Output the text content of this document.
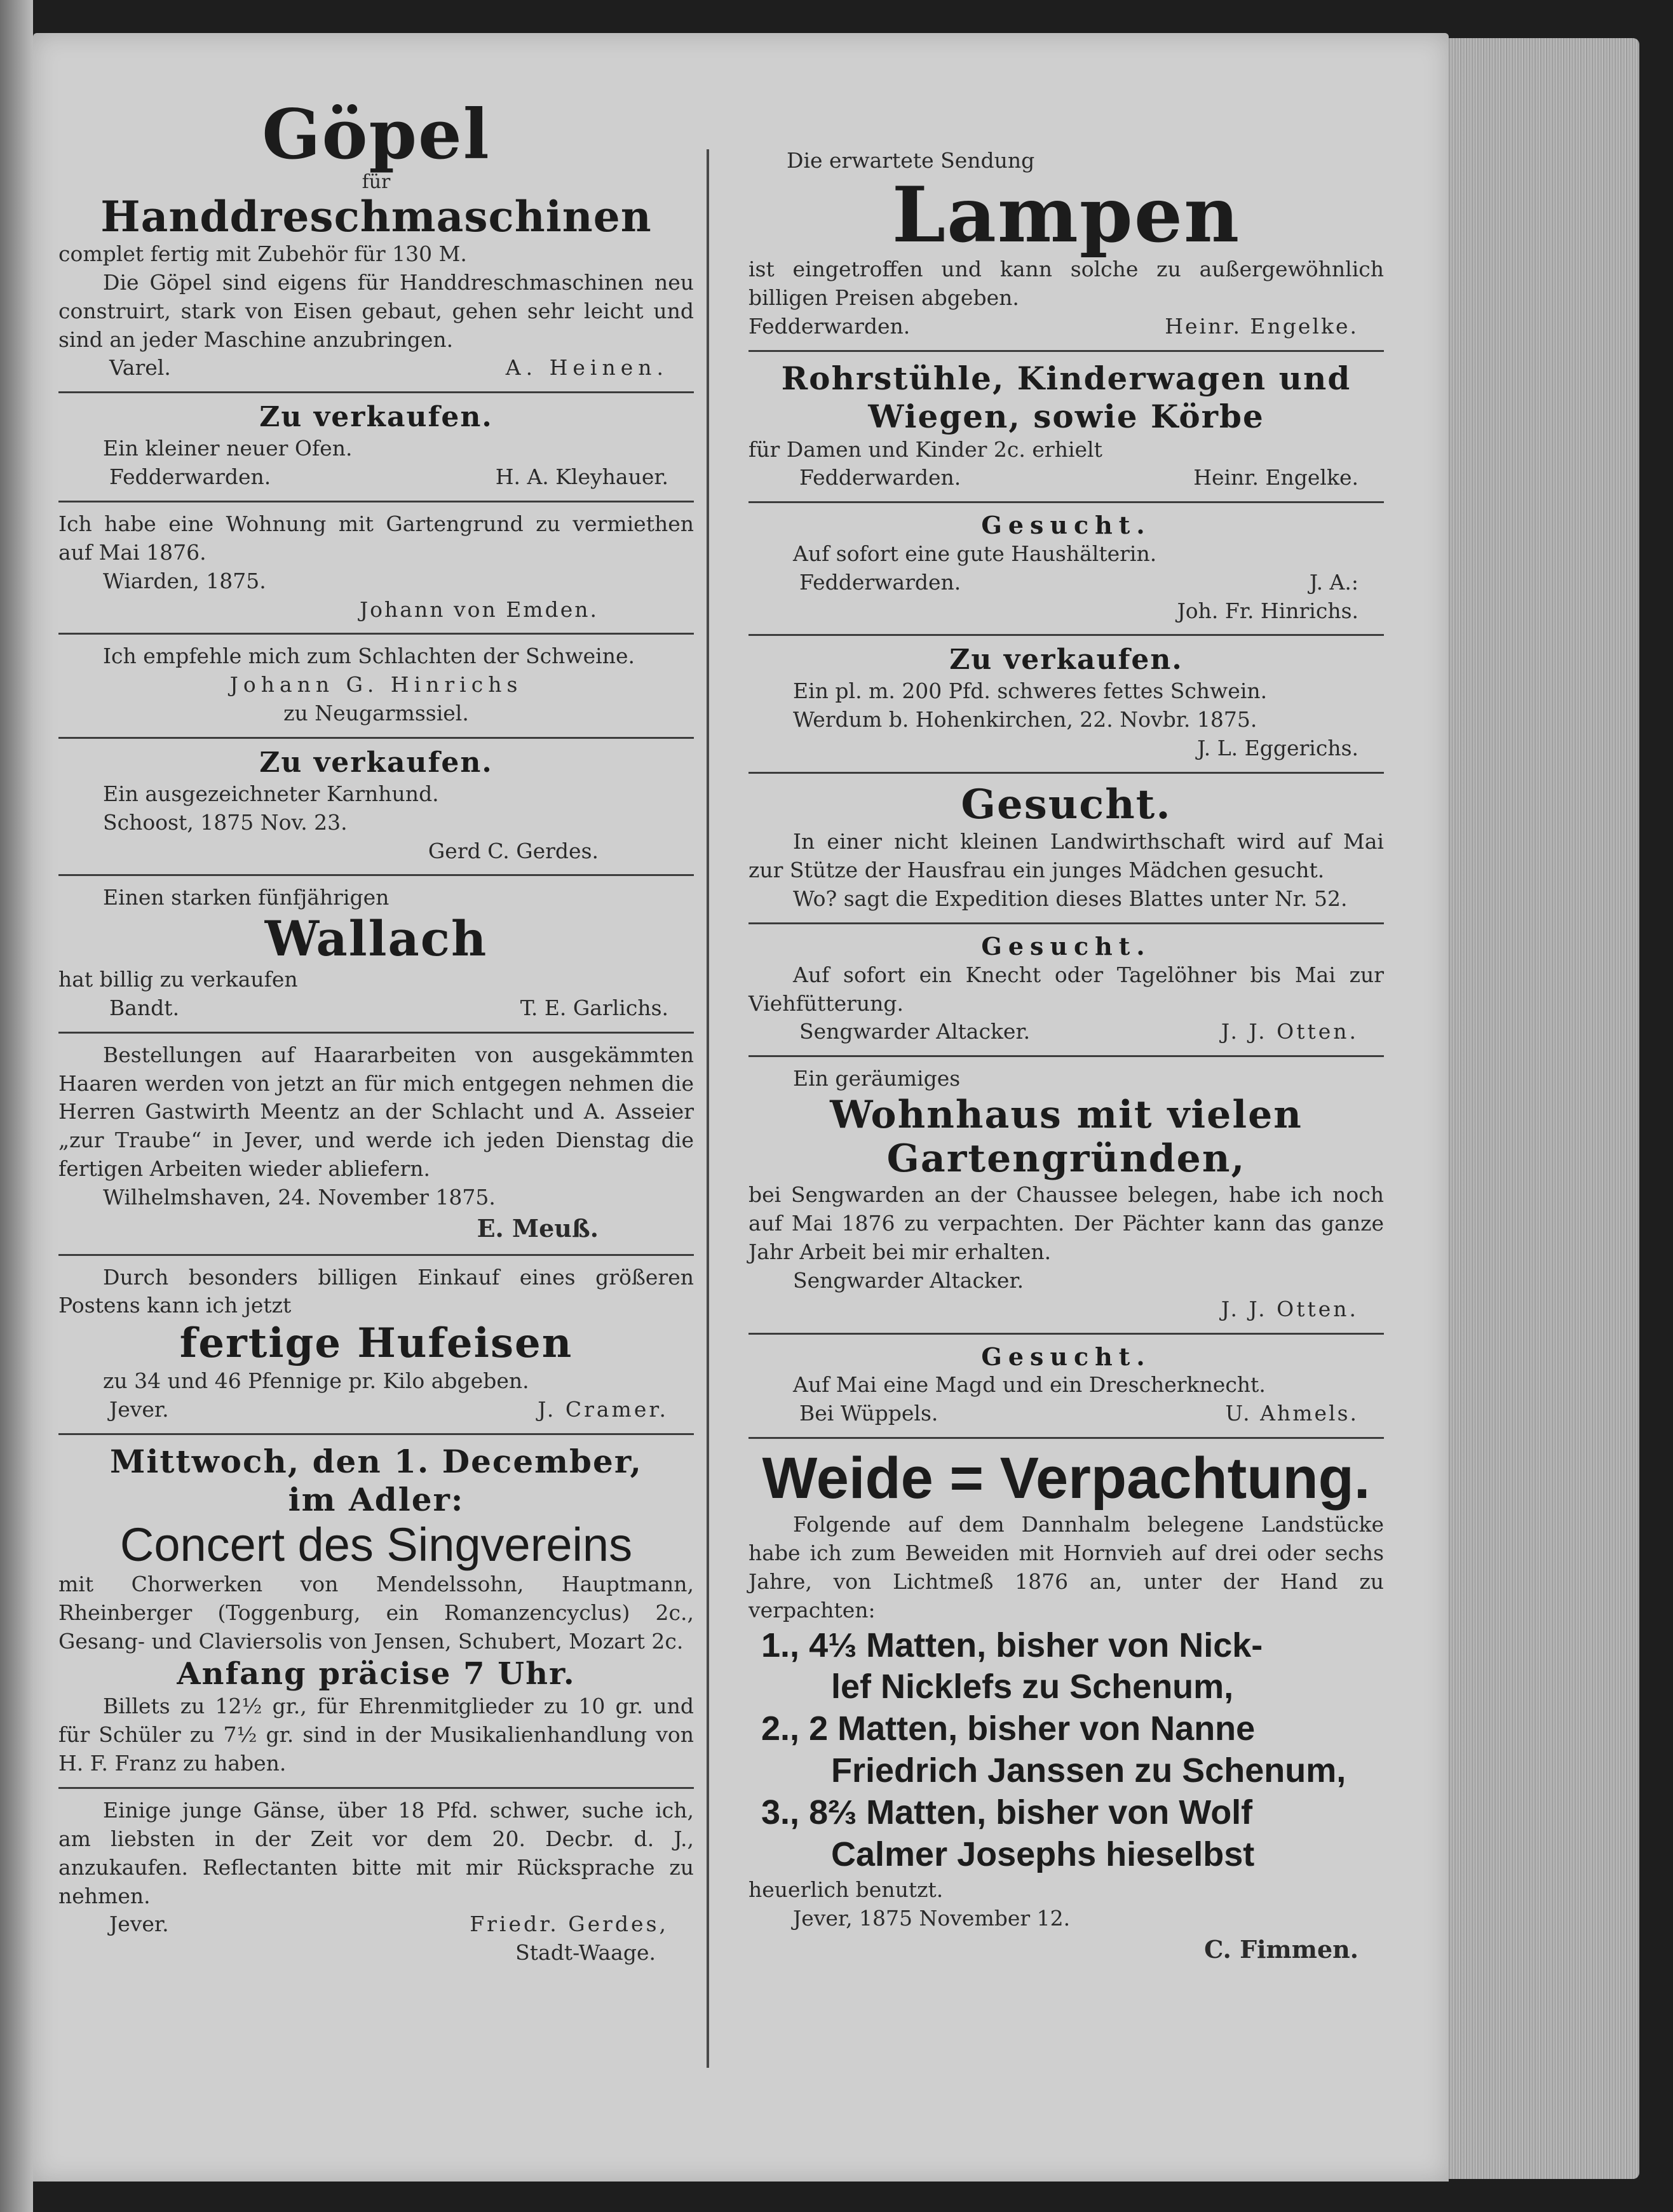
Göpel
für
Handdreschmaschinen

complet fertig mit Zubehör für 130 M.

Die Göpel sind eigens für Handdreschmaschinen neu construirt, stark von Eisen gebaut, gehen sehr leicht und sind an jeder Maschine anzubringen.

Varel.	A. Heinen.
Zu verkaufen.

Ein kleiner neuer Ofen.

Fedderwarden.	H. A. Kleyhauer.

Ich habe eine Wohnung mit Gartengrund zu vermiethen auf Mai 1876.

Wiarden, 1875.

Johann von Emden.

Ich empfehle mich zum Schlachten der Schweine.

Johann G. Hinrichs
zu Neugarmssiel.
Zu verkaufen.

Ein ausgezeichneter Karnhund.

Schoost, 1875 Nov. 23.

Gerd C. Gerdes.

Einen starken fünfjährigen

Wallach

hat billig zu verkaufen

Bandt.	T. E. Garlichs.

Bestellungen auf Haararbeiten von ausgekämmten Haaren werden von jetzt an für mich entgegen nehmen die Herren Gastwirth Meentz an der Schlacht und A. Asseier „zur Traube“ in Jever, und werde ich jeden Dienstag die fertigen Arbeiten wieder abliefern.

Wilhelmshaven, 24. November 1875.

E. Meuß.

Durch besonders billigen Einkauf eines größeren Postens kann ich jetzt

fertige Hufeisen

zu 34 und 46 Pfennige pr. Kilo abgeben.

Jever.	J. Cramer.
Mittwoch, den 1. December,
im Adler:
Concert des Singvereins

mit Chorwerken von Mendelssohn, Hauptmann, Rheinberger (Toggenburg, ein Romanzencyclus) 2c., Gesang- und Claviersolis von Jensen, Schubert, Mozart 2c.

Anfang präcise 7 Uhr.

Billets zu 12½ gr., für Ehrenmitglieder zu 10 gr. und für Schüler zu 7½ gr. sind in der Musikalienhandlung von H. F. Franz zu haben.

Einige junge Gänse, über 18 Pfd. schwer, suche ich, am liebsten in der Zeit vor dem 20. Decbr. d. J., anzukaufen. Reflectanten bitte mit mir Rücksprache zu nehmen.

Jever.	Friedr. Gerdes,
Stadt-Waage.

Die erwartete Sendung

Lampen

ist eingetroffen und kann solche zu außergewöhnlich billigen Preisen abgeben.

Fedderwarden.	Heinr. Engelke.
Rohrstühle, Kinderwagen und Wiegen, sowie Körbe

für Damen und Kinder 2c. erhielt

Fedderwarden.	Heinr. Engelke.
Gesucht.

Auf sofort eine gute Haushälterin.

Fedderwarden.	J. A.:
Joh. Fr. Hinrichs.
Zu verkaufen.

Ein pl. m. 200 Pfd. schweres fettes Schwein.

Werdum b. Hohenkirchen, 22. Novbr. 1875.

J. L. Eggerichs.
Gesucht.

In einer nicht kleinen Landwirthschaft wird auf Mai zur Stütze der Hausfrau ein junges Mädchen gesucht.

Wo? sagt die Expedition dieses Blattes unter Nr. 52.

Gesucht.

Auf sofort ein Knecht oder Tagelöhner bis Mai zur Viehfütterung.

Sengwarder Altacker.	J. J. Otten.

Ein geräumiges

Wohnhaus mit vielen Gartengründen,

bei Sengwarden an der Chaussee belegen, habe ich noch auf Mai 1876 zu verpachten. Der Pächter kann das ganze Jahr Arbeit bei mir erhalten.

Sengwarder Altacker.

J. J. Otten.
Gesucht.

Auf Mai eine Magd und ein Drescherknecht.

Bei Wüppels.	U. Ahmels.
Weide = Verpachtung.

Folgende auf dem Dannhalm belegene Landstücke habe ich zum Beweiden mit Hornvieh auf drei oder sechs Jahre, von Lichtmeß 1876 an, unter der Hand zu verpachten:

1., 4⅓ Matten, bisher von Nick-
lef Nicklefs zu Schenum,
2., 2 Matten, bisher von Nanne
Friedrich Janssen zu Schenum,
3., 8⅔ Matten, bisher von Wolf
Calmer Josephs hieselbst

heuerlich benutzt.

Jever, 1875 November 12.

C. Fimmen.
